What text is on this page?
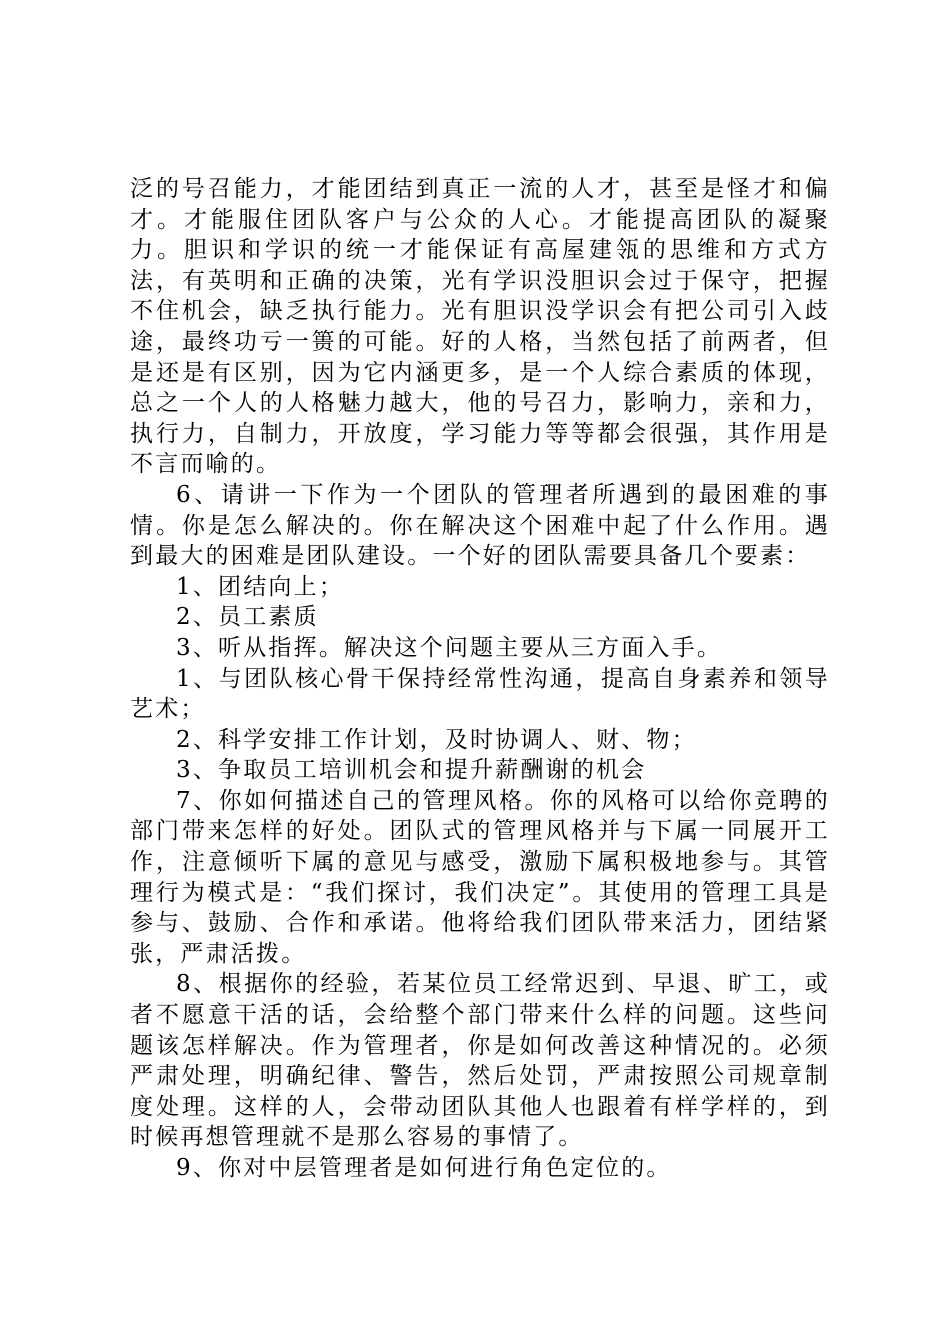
泛的号召能力，才能团结到真正一流的人才，甚至是怪才和偏才。才能服住团队客户与公众的人心。才能提高团队的凝聚力。胆识和学识的统一才能保证有高屋建瓴的思维和方式方法，有英明和正确的决策，光有学识没胆识会过于保守，把握不住机会，缺乏执行能力。光有胆识没学识会有把公司引入歧途，最终功亏一篑的可能。好的人格，当然包括了前两者，但是还是有区别，因为它内涵更多，是一个人综合素质的体现，总之一个人的人格魅力越大，他的号召力，影响力，亲和力，执行力，自制力，开放度，学习能力等等都会很强，其作用是不言而喻的。

6、请讲一下作为一个团队的管理者所遇到的最困难的事情。你是怎么解决的。你在解决这个困难中起了什么作用。遇到最大的困难是团队建设。一个好的团队需要具备几个要素：

1、团结向上；

2、员工素质

3、听从指挥。解决这个问题主要从三方面入手。

1、与团队核心骨干保持经常性沟通，提高自身素养和领导艺术；

2、科学安排工作计划，及时协调人、财、物；

3、争取员工培训机会和提升薪酬谢的机会

7、你如何描述自己的管理风格。你的风格可以给你竞聘的部门带来怎样的好处。团队式的管理风格并与下属一同展开工作，注意倾听下属的意见与感受，激励下属积极地参与。其管理行为模式是：“我们探讨，我们决定”。其使用的管理工具是参与、鼓励、合作和承诺。他将给我们团队带来活力，团结紧张，严肃活拨。

8、根据你的经验，若某位员工经常迟到、早退、旷工，或者不愿意干活的话，会给整个部门带来什么样的问题。这些问题该怎样解决。作为管理者，你是如何改善这种情况的。必须严肃处理，明确纪律、警告，然后处罚，严肃按照公司规章制度处理。这样的人，会带动团队其他人也跟着有样学样的，到时候再想管理就不是那么容易的事情了。

9、你对中层管理者是如何进行角色定位的。
